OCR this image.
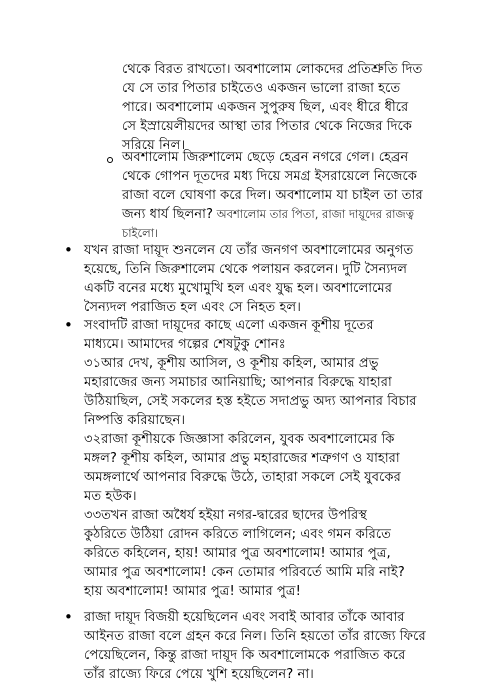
থেকে বিরত রাখতো। অবশালোম লোকদের প্রতিশ্রুতি দিত
যে সে তার পিতার চাইতেও একজন ভালো রাজা হতে
পারে। অবশালোম একজন সুপুরুষ ছিল, এবং ধীরে ধীরে
সে ইস্রায়েলীয়দের আস্থা তার পিতার থেকে নিজের দিকে
সরিয়ে নিল।
অবশালোম জিরুশালেম ছেড়ে হেব্রন নগরে গেল। হেব্রন
থেকে গোপন দূতদের মধ্য দিয়ে সমগ্র ইসরায়েলে নিজেকে
রাজা বলে ঘোষণা করে দিল। অবশালোম যা চাইল তা তার
জন্য ধার্য ছিলনা? অবশালোম তার পিতা, রাজা দায়ূদের রাজত্ব
চাইলো।
• যখন রাজা দায়ূদ শুনলেন যে তাঁর জনগণ অবশালোমের অনুগত
হয়েছে, তিনি জিরুশালেম থেকে পলায়ন করলেন। দুটি সৈন্যদল
একটি বনের মধ্যে মুখোমুখি হল এবং যুদ্ধ হল। অবশালোমের
সৈন্যদল পরাজিত হল এবং সে নিহত হল।
• সংবাদটি রাজা দায়ূদের কাছে এলো একজন কূশীয় দূতের
মাধ্যমে। আমাদের গল্পের শেষটুকু শোনঃ
৩১আর দেখ, কূশীয় আসিল, ও কূশীয় কহিল, আমার প্রভু
মহারাজের জন্য সমাচার আনিয়াছি; আপনার বিরুদ্ধে যাহারা
উঠিয়াছিল, সেই সকলের হস্ত হইতে সদাপ্রভু অদ্য আপনার বিচার
নিষ্পত্তি করিয়াছেন।
৩২রাজা কূশীয়কে জিজ্ঞাসা করিলেন, যুবক অবশালোমের কি
মঙ্গল? কূশীয় কহিল, আমার প্রভু মহারাজের শত্রুগণ ও যাহারা
অমঙ্গলার্থে আপনার বিরুদ্ধে উঠে, তাহারা সকলে সেই যুবকের
মত হউক।
৩৩তখন রাজা অধৈর্য হইয়া নগর-দ্বারের ছাদের উপরিস্থ
কুঠরিতে উঠিয়া রোদন করিতে লাগিলেন; এবং গমন করিতে
করিতে কহিলেন, হায়! আমার পুত্র অবশালোম! আমার পুত্র,
আমার পুত্র অবশালোম! কেন তোমার পরিবর্তে আমি মরি নাই?
হায় অবশালোম! আমার পুত্র! আমার পুত্র!
• রাজা দায়ূদ বিজয়ী হয়েছিলেন এবং সবাই আবার তাঁকে আবার
আইনত রাজা বলে গ্রহন করে নিল। তিনি হয়তো তাঁর রাজ্যে ফিরে
পেয়েছিলেন, কিন্তু রাজা দায়ূদ কি অবশালোমকে পরাজিত করে
তাঁর রাজ্যে ফিরে পেয়ে খুশি হয়েছিলেন? না।
